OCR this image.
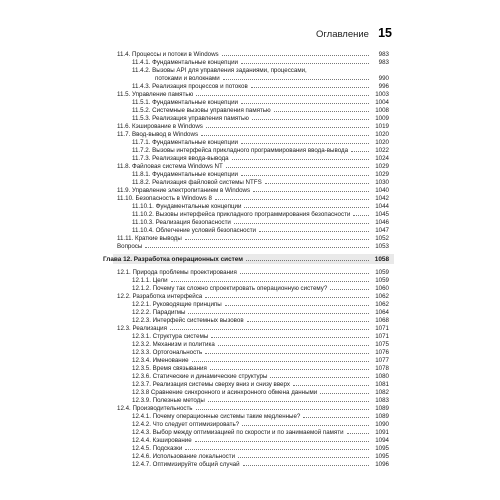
Оглавление 15
11.4. Процессы и потоки в Windows	983
11.4.1. Фундаментальные концепции	983
11.4.2. Вызовы API для управления заданиями, процессами,
потоками и волокнами	990
11.4.3. Реализация процессов и потоков	996
11.5. Управление памятью	1003
11.5.1. Фундаментальные концепции	1004
11.5.2. Системные вызовы управления памятью	1008
11.5.3. Реализация управления памятью	1009
11.6. Кэширование в Windows	1019
11.7. Ввод-вывод в Windows	1020
11.7.1. Фундаментальные концепции	1020
11.7.2. Вызовы интерфейса прикладного программирования ввода-вывода	1022
11.7.3. Реализация ввода-вывода	1024
11.8. Файловая система Windows NT	1029
11.8.1. Фундаментальные концепции	1029
11.8.2. Реализация файловой системы NTFS	1030
11.9. Управление электропитанием в Windows	1040
11.10. Безопасность в Windows 8	1042
11.10.1. Фундаментальные концепции	1044
11.10.2. Вызовы интерфейса прикладного программирования безопасности	1045
11.10.3. Реализация безопасности	1046
11.10.4. Облегчение условий безопасности	1047
11.11. Краткие выводы	1052
Вопросы	1053
Глава 12. Разработка операционных систем	1058
12.1. Природа проблемы проектирования	1059
12.1.1. Цели	1059
12.1.2. Почему так сложно спроектировать операционную систему?	1060
12.2. Разработка интерфейса	1062
12.2.1. Руководящие принципы	1062
12.2.2. Парадигмы	1064
12.2.3. Интерфейс системных вызовов	1068
12.3. Реализация	1071
12.3.1. Структура системы	1071
12.3.2. Механизм и политика	1075
12.3.3. Ортогональность	1076
12.3.4. Именование	1077
12.3.5. Время связывания	1078
12.3.6. Статические и динамические структуры	1080
12.3.7. Реализация системы сверху вниз и снизу вверх	1081
12.3.8 Сравнение синхронного и асинхронного обмена данными	1082
12.3.9. Полезные методы	1083
12.4. Производительность	1089
12.4.1. Почему операционные системы такие медленные?	1089
12.4.2. Что следует оптимизировать?	1090
12.4.3. Выбор между оптимизацией по скорости и по занимаемой памяти	1091
12.4.4. Кэширование	1094
12.4.5. Подсказки	1095
12.4.6. Использование локальности	1095
12.4.7. Оптимизируйте общий случай	1096
